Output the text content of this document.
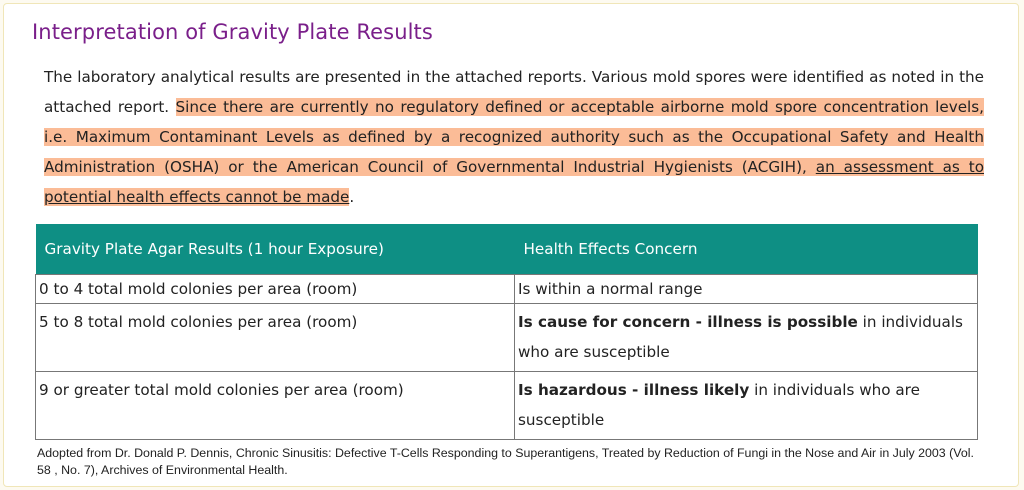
Interpretation of Gravity Plate Results
The laboratory analytical results are presented in the attached reports. Various mold spores were identified as noted in the attached report. Since there are currently no regulatory defined or acceptable airborne mold spore concentration levels, i.e. Maximum Contaminant Levels as defined by a recognized authority such as the Occupational Safety and Health Administration (OSHA) or the American Council of Governmental Industrial Hygienists (ACGIH), an assessment as to potential health effects cannot be made.
Gravity Plate Agar Results (1 hour Exposure)	Health Effects Concern
0 to 4 total mold colonies per area (room)	Is within a normal range
5 to 8 total mold colonies per area (room)	Is cause for concern - illness is possible in individuals who are susceptible
9 or greater total mold colonies per area (room)	Is hazardous - illness likely in individuals who are susceptible
Adopted from Dr. Donald P. Dennis, Chronic Sinusitis: Defective T-Cells Responding to Superantigens, Treated by Reduction of Fungi in the Nose and Air in July 2003 (Vol. 58 , No. 7), Archives of Environmental Health.
